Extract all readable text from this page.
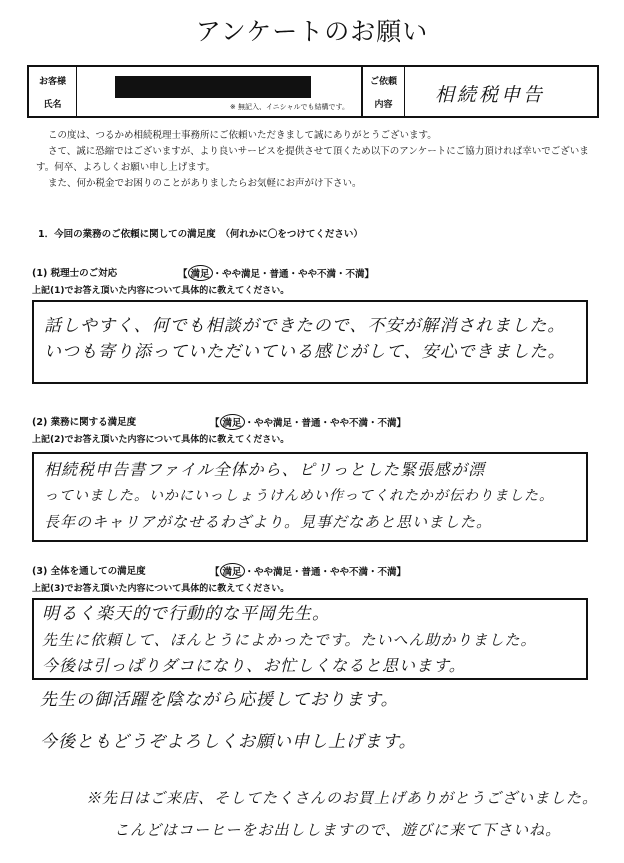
アンケートのお願い
お客様
氏名	※ 無記入、イニシャルでも結構です。
ご依頼
内容 相続税申告
この度は、つるかめ相続税理士事務所にご依頼いただきまして誠にありがとうございます。
さて、誠に恐縮ではございますが、より良いサービスを提供させて頂くため以下のアンケートにご協力頂ければ幸いでございます。何卒、よろしくお願い申し上げます。
また、何か税金でお困りのことがありましたらお気軽にお声がけ下さい。
1．今回の業務のご依頼に関しての満足度　（何れかに〇をつけてください）
(1) 税理士のご対応	【 満足 ・やや満足・普通・やや不満・不満】
上記(1)でお答え頂いた内容について具体的に教えてください。
話しやすく、何でも相談ができたので、不安が解消されました。
いつも寄り添っていただいている感じがして、安心できました。
(2) 業務に関する満足度	【 満足 ・やや満足・普通・やや不満・不満】
上記(2)でお答え頂いた内容について具体的に教えてください。
相続税申告書ファイル全体から、ピリっとした緊張感が漂
っていました。いかにいっしょうけんめい作ってくれたかが伝わりました。
長年のキャリアがなせるわざより。見事だなあと思いました。
(3) 全体を通しての満足度	【 満足 ・やや満足・普通・やや不満・不満】
上記(3)でお答え頂いた内容について具体的に教えてください。
明るく楽天的で行動的な平岡先生。
先生に依頼して、ほんとうによかったです。たいへん助かりました。
今後は引っぱりダコになり、お忙しくなると思います。
先生の御活躍を陰ながら応援しております。
今後ともどうぞよろしくお願い申し上げます。
※先日はご来店、そしてたくさんのお買上げありがとうございました。
こんどはコーヒーをお出ししますので、遊びに来て下さいね。
